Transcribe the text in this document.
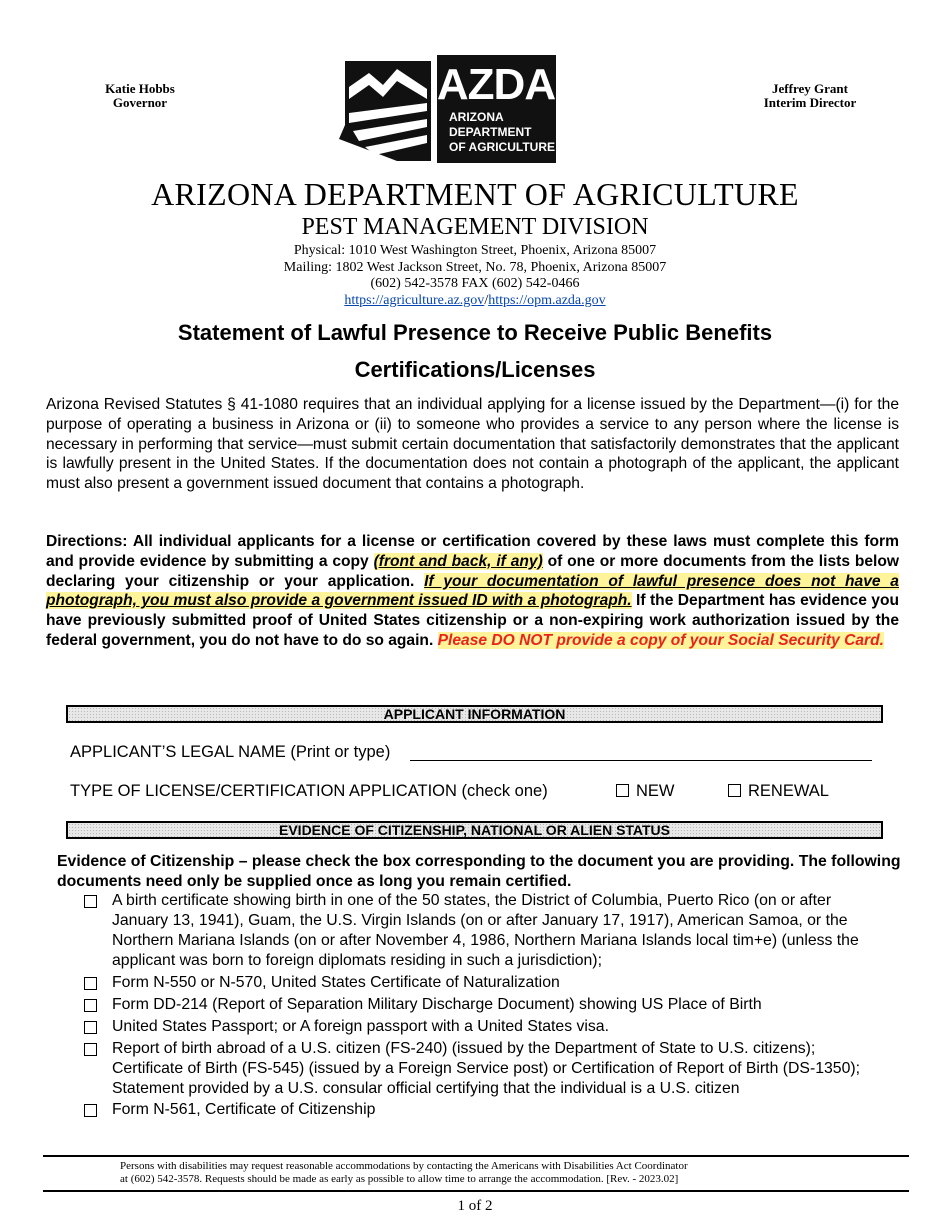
Katie Hobbs
Governor
Jeffrey Grant
Interim Director
AZDA
ARIZONA
DEPARTMENT
OF AGRICULTURE
ARIZONA DEPARTMENT OF AGRICULTURE
PEST MANAGEMENT DIVISION
Physical: 1010 West Washington Street, Phoenix, Arizona 85007
Mailing: 1802 West Jackson Street, No. 78, Phoenix, Arizona 85007
(602) 542-3578 FAX (602) 542-0466
https://agriculture.az.gov/https://opm.azda.gov
Statement of Lawful Presence to Receive Public Benefits
Certifications/Licenses

Arizona Revised Statutes § 41-1080 requires that an individual applying for a license issued by the Department—(i) for the purpose of operating a business in Arizona or (ii) to someone who provides a service to any person where the license is necessary in performing that service—must submit certain documentation that satisfactorily demonstrates that the applicant is lawfully present in the United States. If the documentation does not contain a photograph of the applicant, the applicant must also present a government issued document that contains a photograph.

Directions: All individual applicants for a license or certification covered by these laws must complete this form and provide evidence by submitting a copy (front and back, if any) of one or more documents from the lists below declaring your citizenship or your application. If your documentation of lawful presence does not have a photograph, you must also provide a government issued ID with a photograph. If the Department has evidence you have previously submitted proof of United States citizenship or a non-expiring work authorization issued by the federal government, you do not have to do so again. Please DO NOT provide a copy of your Social Security Card.

APPLICANT INFORMATION
APPLICANT’S LEGAL NAME (Print or type)
TYPE OF LICENSE/CERTIFICATION APPLICATION (check one)	NEW	RENEWAL
EVIDENCE OF CITIZENSHIP, NATIONAL OR ALIEN STATUS

Evidence of Citizenship – please check the box corresponding to the document you are providing. The following documents need only be supplied once as long you remain certified.

A birth certificate showing birth in one of the 50 states, the District of Columbia, Puerto Rico (on or after January 13, 1941), Guam, the U.S. Virgin Islands (on or after January 17, 1917), American Samoa, or the Northern Mariana Islands (on or after November 4, 1986, Northern Mariana Islands local tim+e) (unless the applicant was born to foreign diplomats residing in such a jurisdiction);
Form N-550 or N-570, United States Certificate of Naturalization
Form DD-214 (Report of Separation Military Discharge Document) showing US Place of Birth
United States Passport; or A foreign passport with a United States visa.
Report of birth abroad of a U.S. citizen (FS-240) (issued by the Department of State to U.S. citizens); Certificate of Birth (FS-545) (issued by a Foreign Service post) or Certification of Report of Birth (DS-1350); Statement provided by a U.S. consular official certifying that the individual is a U.S. citizen
Form N-561, Certificate of Citizenship
Persons with disabilities may request reasonable accommodations by contacting the Americans with Disabilities Act Coordinator
at (602) 542-3578. Requests should be made as early as possible to allow time to arrange the accommodation. [Rev. - 2023.02]
1 of 2
